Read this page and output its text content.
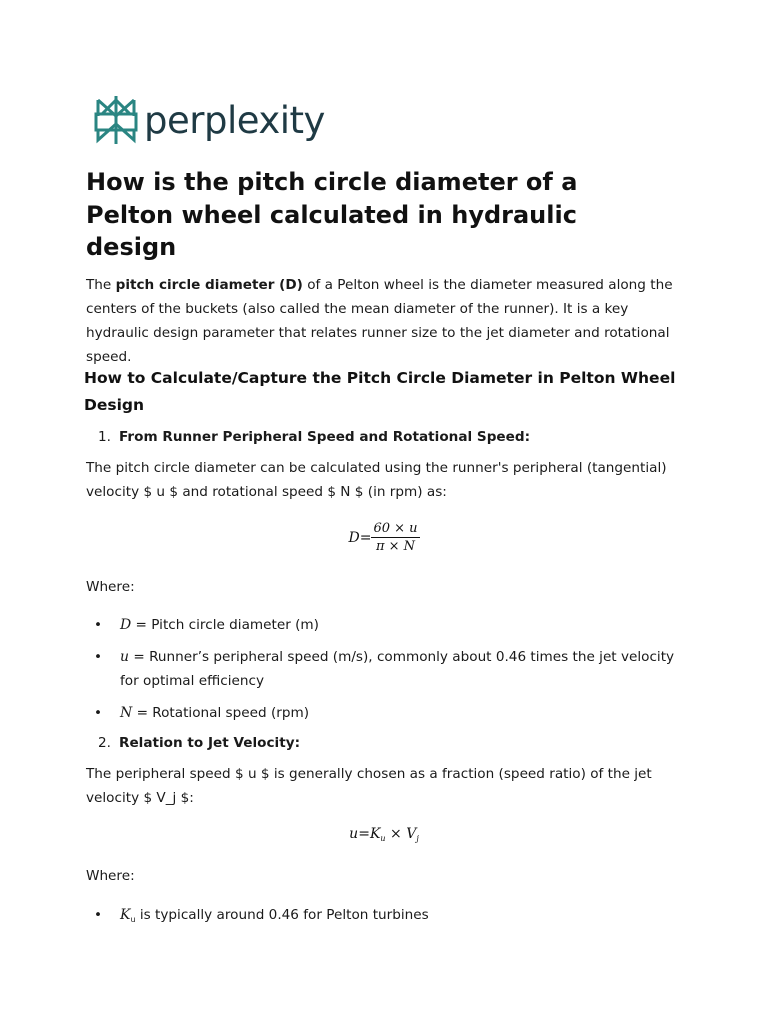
perplexity
How is the pitch circle diameter of a Pelton wheel calculated in hydraulic design
The pitch circle diameter (D) of a Pelton wheel is the diameter measured along the centers of the buckets (also called the mean diameter of the runner). It is a key hydraulic design parameter that relates runner size to the jet diameter and rotational speed.
How to Calculate/Capture the Pitch Circle Diameter in Pelton Wheel Design
1. From Runner Peripheral Speed and Rotational Speed:
The pitch circle diameter can be calculated using the runner's peripheral (tangential) velocity $ u $ and rotational speed $ N $ (in rpm) as:
$D= \frac{60 \times u}{\pi \times N}$
Where:
• D = Pitch circle diameter (m)
• u = Runner’s peripheral speed (m/s), commonly about 0.46 times the jet velocity for optimal efficiency
• N = Rotational speed (rpm)
2. Relation to Jet Velocity:
The peripheral speed $ u $ is generally chosen as a fraction (speed ratio) of the jet velocity $ V_j $:
$u=K_u \times V_j$
Where:
• $K_u$ is typically around 0.46 for Pelton turbines
